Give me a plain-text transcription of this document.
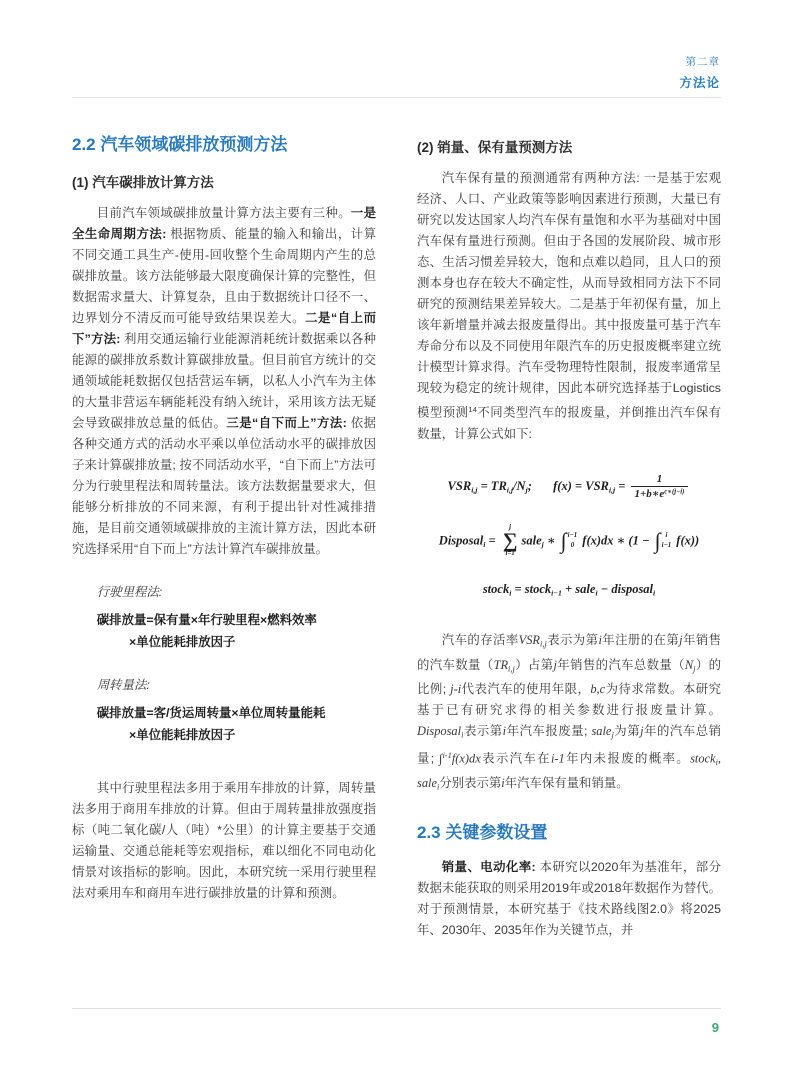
第二章
方法论
2.2 汽车领域碳排放预测方法
(1) 汽车碳排放计算方法

目前汽车领域碳排放量计算方法主要有三种。一是全生命周期方法: 根据物质、能量的输入和输出，计算不同交通工具生产-使用-回收整个生命周期内产生的总碳排放量。该方法能够最大限度确保计算的完整性，但数据需求量大、计算复杂，且由于数据统计口径不一、边界划分不清反而可能导致结果误差大。二是“自上而下”方法: 利用交通运输行业能源消耗统计数据乘以各种能源的碳排放系数计算碳排放量。但目前官方统计的交通领域能耗数据仅包括营运车辆，以私人小汽车为主体的大量非营运车辆能耗没有纳入统计，采用该方法无疑会导致碳排放总量的低估。三是“自下而上”方法: 依据各种交通方式的活动水平乘以单位活动水平的碳排放因子来计算碳排放量; 按不同活动水平，“自下而上”方法可分为行驶里程法和周转量法。该方法数据量要求大，但能够分析排放的不同来源，有利于提出针对性减排措施，是目前交通领域碳排放的主流计算方法，因此本研究选择采用“自下而上”方法计算汽车碳排放量。

行驶里程法:
碳排放量=保有量×年行驶里程×燃料效率
×单位能耗排放因子
周转量法:
碳排放量=客/货运周转量×单位周转量能耗
×单位能耗排放因子

其中行驶里程法多用于乘用车排放的计算，周转量法多用于商用车排放的计算。但由于周转量排放强度指标（吨二氧化碳/人（吨）*公里）的计算主要基于交通运输量、交通总能耗等宏观指标，难以细化不同电动化情景对该指标的影响。因此，本研究统一采用行驶里程法对乘用车和商用车进行碳排放量的计算和预测。

(2) 销量、保有量预测方法

汽车保有量的预测通常有两种方法: 一是基于宏观经济、人口、产业政策等影响因素进行预测，大量已有研究以发达国家人均汽车保有量饱和水平为基础对中国汽车保有量进行预测。但由于各国的发展阶段、城市形态、生活习惯差异较大，饱和点难以趋同，且人口的预测本身也存在较大不确定性，从而导致相同方法下不同研究的预测结果差异较大。二是基于年初保有量，加上该年新增量并减去报废量得出。其中报废量可基于汽车寿命分布以及不同使用年限汽车的历史报废概率建立统计模型计算求得。汽车受物理特性限制，报废率通常呈现较为稳定的统计规律，因此本研究选择基于Logistics模型预测$^{14}$不同类型汽车的报废量，并倒推出汽车保有数量，计算公式如下:

VSRi,j = TRi,j/Nj; f(x) = VSRi,j = $\frac{1}{1+b∗e^{c∗(j-i)}}$
Disposali =
j
∑
i=1
salej ∗ ∫ i−1
0 f(x)dx ∗ (1 − ∫ i
i−1 f(x))
stocki = stocki−1 + salei − disposali

汽车的存活率VSRi,j表示为第i年注册的在第j年销售的汽车数量（TRi,j）占第j年销售的汽车总数量（Nj）的比例; j-i代表汽车的使用年限，b,c为待求常数。本研究基于已有研究求得的相关参数进行报废量计算。Disposali表示第i年汽车报废量; salej为第j年的汽车总销量; ∫$^{i-1}$f(x)dx表示汽车在i-1年内未报废的概率。stocki, salei分别表示第i年汽车保有量和销量。

2.3 关键参数设置

销量、电动化率: 本研究以2020年为基准年，部分数据未能获取的则采用2019年或2018年数据作为替代。对于预测情景，本研究基于《技术路线图2.0》将2025年、2030年、2035年作为关键节点，并

9
